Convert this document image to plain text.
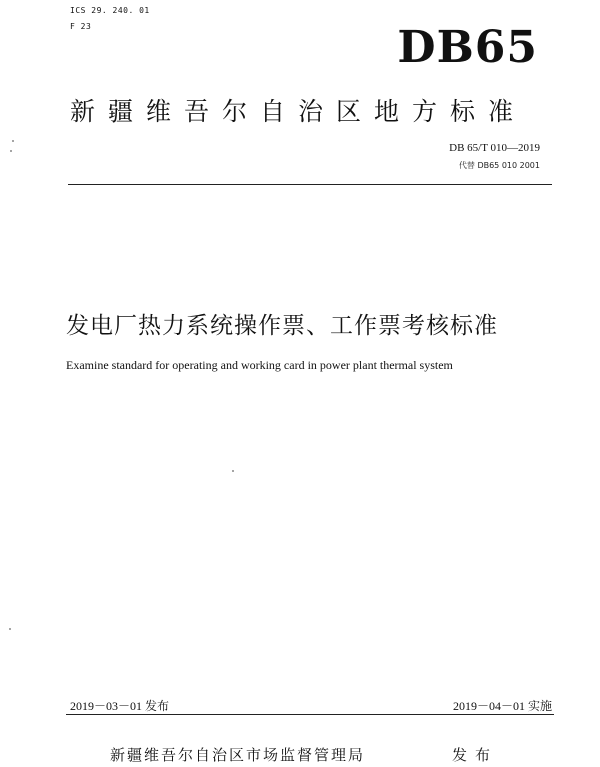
ICS 29. 240. 01
F 23	DB65
新疆维吾尔自治区地方标准
DB 65/T 010—2019
代替 DB65 010 2001
发电厂热力系统操作票、工作票考核标准
Examine standard for operating and working card in power plant thermal system
2019－03－01 发布	2019－04－01 实施
新疆维吾尔自治区市场监督管理局	发布
